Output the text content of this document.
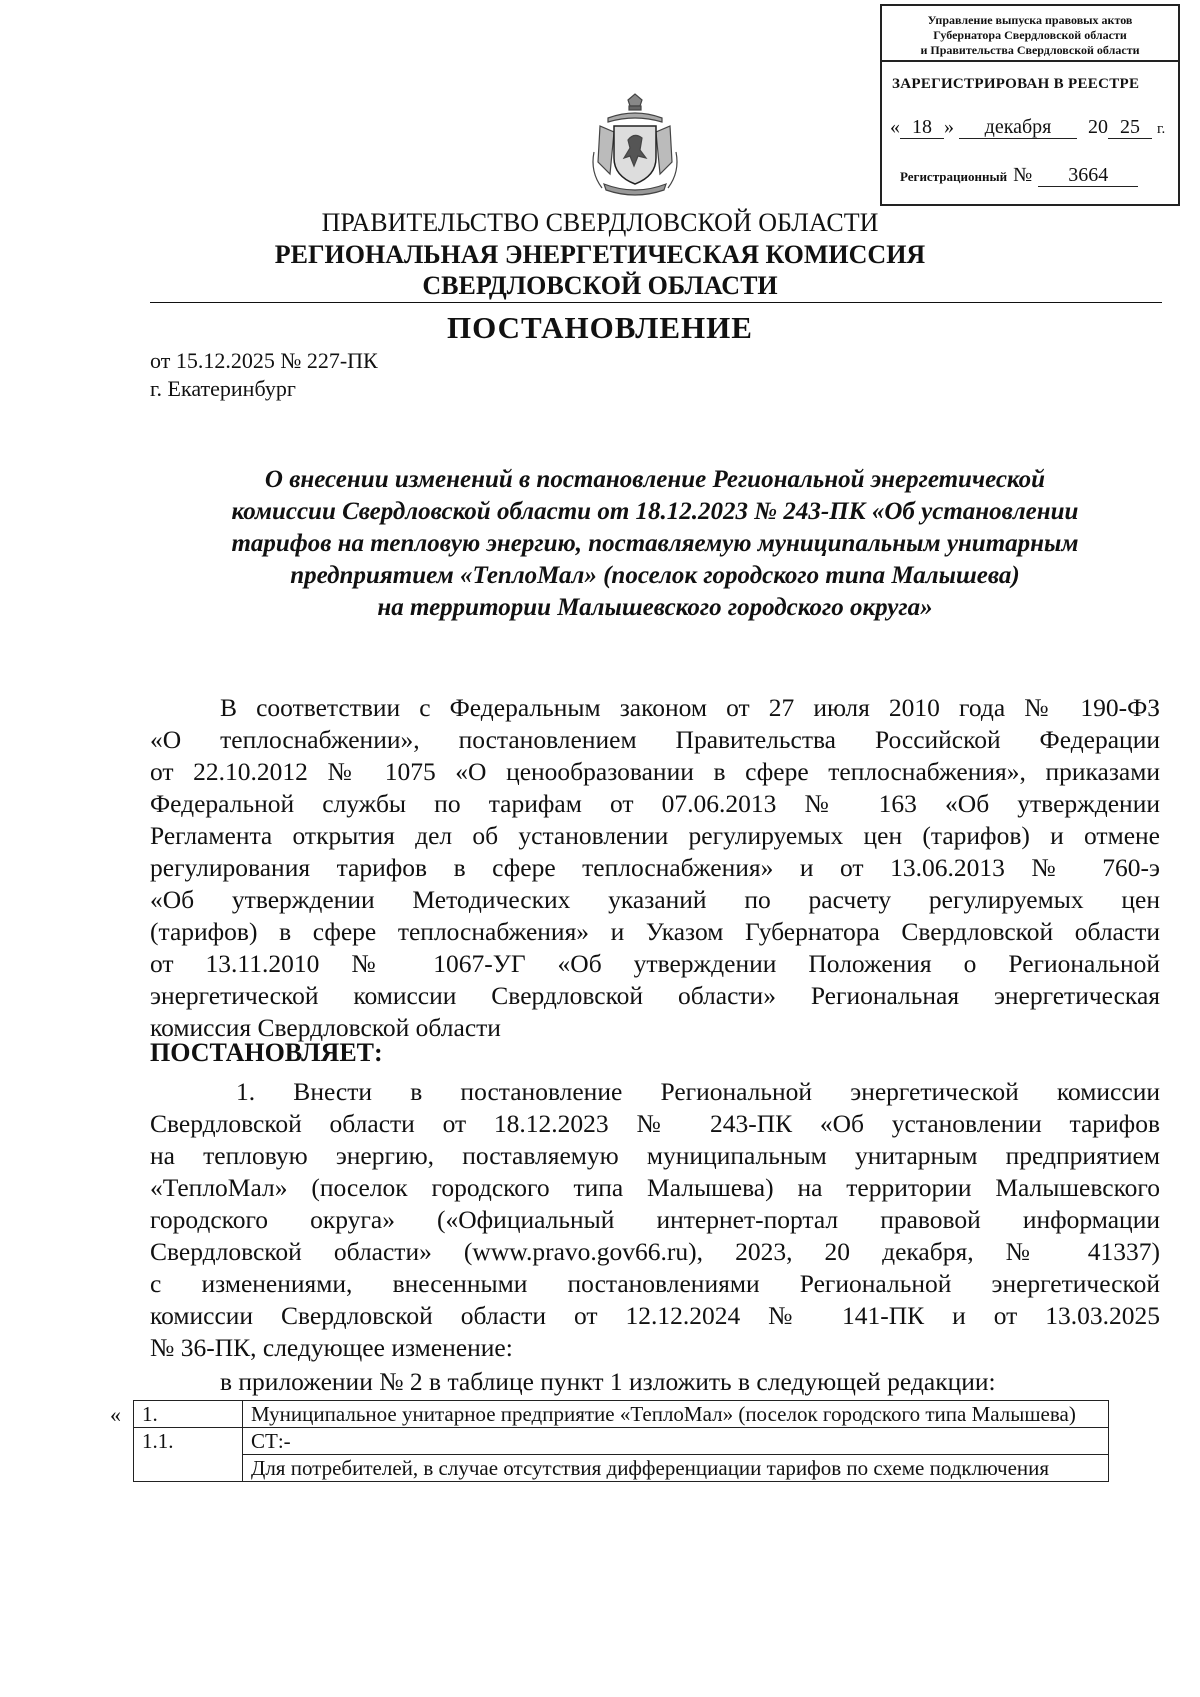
Управление выпуска правовых актов
Губернатора Свердловской области
и Правительства Свердловской области
ЗАРЕГИСТРИРОВАН В РЕЕСТРЕ
« 18 » декабря 20 25 г.
Регистрационный № 3664
ПРАВИТЕЛЬСТВО СВЕРДЛОВСКОЙ ОБЛАСТИ
РЕГИОНАЛЬНАЯ ЭНЕРГЕТИЧЕСКАЯ КОМИССИЯ
СВЕРДЛОВСКОЙ ОБЛАСТИ
ПОСТАНОВЛЕНИЕ
от 15.12.2025 № 227-ПК
г. Екатеринбург
О внесении изменений в постановление Региональной энергетической
комиссии Свердловской области от 18.12.2023 № 243-ПК «Об установлении
тарифов на тепловую энергию, поставляемую муниципальным унитарным
предприятием «ТеплоМал» (поселок городского типа Малышева)
на территории Малышевского городского округа»
В соответствии с Федеральным законом от 27 июля 2010 года № 190-ФЗ
«О теплоснабжении», постановлением Правительства Российской Федерации
от 22.10.2012 № 1075 «О ценообразовании в сфере теплоснабжения», приказами
Федеральной службы по тарифам от 07.06.2013 № 163 «Об утверждении
Регламента открытия дел об установлении регулируемых цен (тарифов) и отмене
регулирования тарифов в сфере теплоснабжения» и от 13.06.2013 № 760-э
«Об утверждении Методических указаний по расчету регулируемых цен
(тарифов) в сфере теплоснабжения» и Указом Губернатора Свердловской области
от 13.11.2010 № 1067-УГ «Об утверждении Положения о Региональной
энергетической комиссии Свердловской области» Региональная энергетическая
комиссия Свердловской области
ПОСТАНОВЛЯЕТ:
1. Внести в постановление Региональной энергетической комиссии
Свердловской области от 18.12.2023 № 243-ПК «Об установлении тарифов
на тепловую энергию, поставляемую муниципальным унитарным предприятием
«ТеплоМал» (поселок городского типа Малышева) на территории Малышевского
городского округа» («Официальный интернет-портал правовой информации
Свердловской области» (www.pravo.gov66.ru), 2023, 20 декабря, № 41337)
с изменениями, внесенными постановлениями Региональной энергетической
комиссии Свердловской области от 12.12.2024 № 141-ПК и от 13.03.2025
№ 36-ПК, следующее изменение:
в приложении № 2 в таблице пункт 1 изложить в следующей редакции:
« 1.	Муниципальное унитарное предприятие «ТеплоМал» (поселок городского типа Малышева)
1.1.	СТ:-
	Для потребителей, в случае отсутствия дифференциации тарифов по схеме подключения
